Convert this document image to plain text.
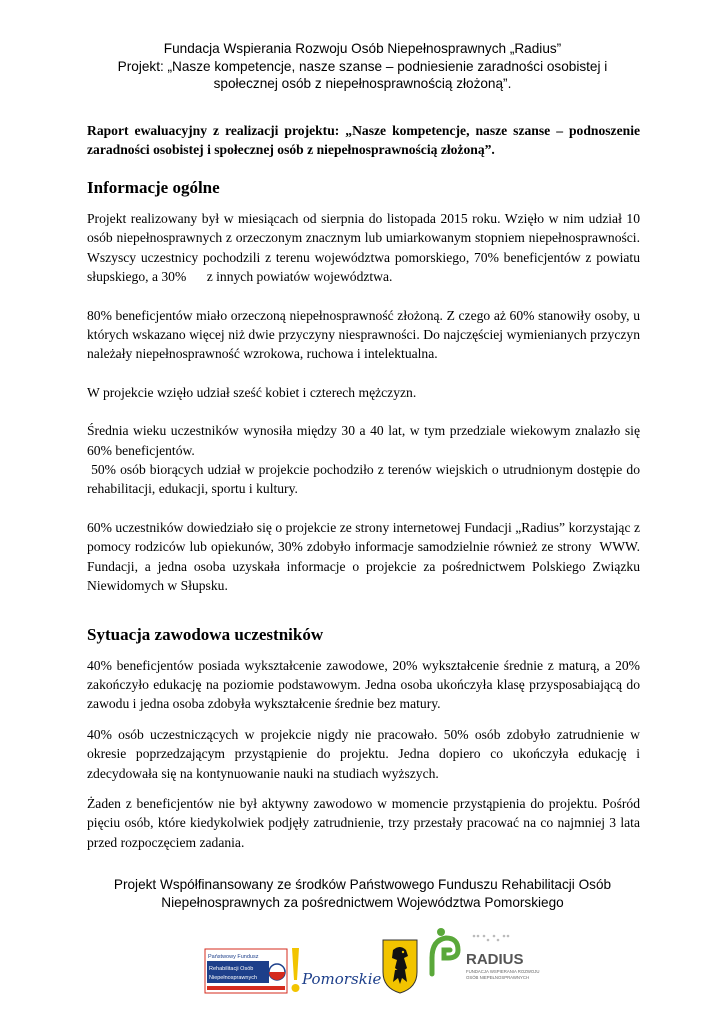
Fundacja Wspierania Rozwoju Osób Niepełnosprawnych „Radius”
Projekt: „Nasze kompetencje, nasze szanse – podniesienie zaradności osobistej i
społecznej osób z niepełnosprawnością złożoną”.
Raport ewaluacyjny z realizacji projektu: „Nasze kompetencje, nasze szanse – podnoszenie zaradności osobistej i społecznej osób z niepełnosprawnością złożoną”.
Informacje ogólne

Projekt realizowany był w miesiącach od sierpnia do listopada 2015 roku. Wzięło w nim udział 10 osób niepełnosprawnych z orzeczonym znacznym lub umiarkowanym stopniem niepełnosprawności. Wszyscy uczestnicy pochodzili z terenu województwa pomorskiego, 70% beneficjentów z powiatu słupskiego, a 30%      z innych powiatów województwa.

80% beneficjentów miało orzeczoną niepełnosprawność złożoną. Z czego aż 60% stanowiły osoby, u których wskazano więcej niż dwie przyczyny niesprawności. Do najczęściej wymienianych przyczyn należały niepełnosprawność wzrokowa, ruchowa i intelektualna.

W projekcie wzięło udział sześć kobiet i czterech mężczyzn.

Średnia wieku uczestników wynosiła między 30 a 40 lat, w tym przedziale wiekowym znalazło się 60% beneficjentów.

50% osób biorących udział w projekcie pochodziło z terenów wiejskich o utrudnionym dostępie do rehabilitacji, edukacji, sportu i kultury.

60% uczestników dowiedziało się o projekcie ze strony internetowej Fundacji „Radius” korzystając z pomocy rodziców lub opiekunów, 30% zdobyło informacje samodzielnie również ze strony  WWW. Fundacji, a jedna osoba uzyskała informacje o projekcie za pośrednictwem Polskiego Związku Niewidomych w Słupsku.

Sytuacja zawodowa uczestników

40% beneficjentów posiada wykształcenie zawodowe, 20% wykształcenie średnie z maturą, a 20% zakończyło edukację na poziomie podstawowym. Jedna osoba ukończyła klasę przysposabiającą do zawodu i jedna osoba zdobyła wykształcenie średnie bez matury.

40% osób uczestniczących w projekcie nigdy nie pracowało. 50% osób zdobyło zatrudnienie w okresie poprzedzającym przystąpienie do projektu. Jedna dopiero co ukończyła edukację i zdecydowała się na kontynuowanie nauki na studiach wyższych.

Żaden z beneficjentów nie był aktywny zawodowo w momencie przystąpienia do projektu. Pośród pięciu osób, które kiedykolwiek podjęły zatrudnienie, trzy przestały pracować na co najmniej 3 lata przed rozpoczęciem zadania.

Projekt Współfinansowany ze środków Państwowego Funduszu Rehabilitacji Osób
Niepełnosprawnych za pośrednictwem Województwa Pomorskiego
Państwowy Fundusz
Rehabilitacji Osób
Niepełnosprawnych	Pomorskie
RADIUS
FUNDACJA WSPIERANIA ROZWOJU
OSÓB NIEPEŁNOSPRAWNYCH
